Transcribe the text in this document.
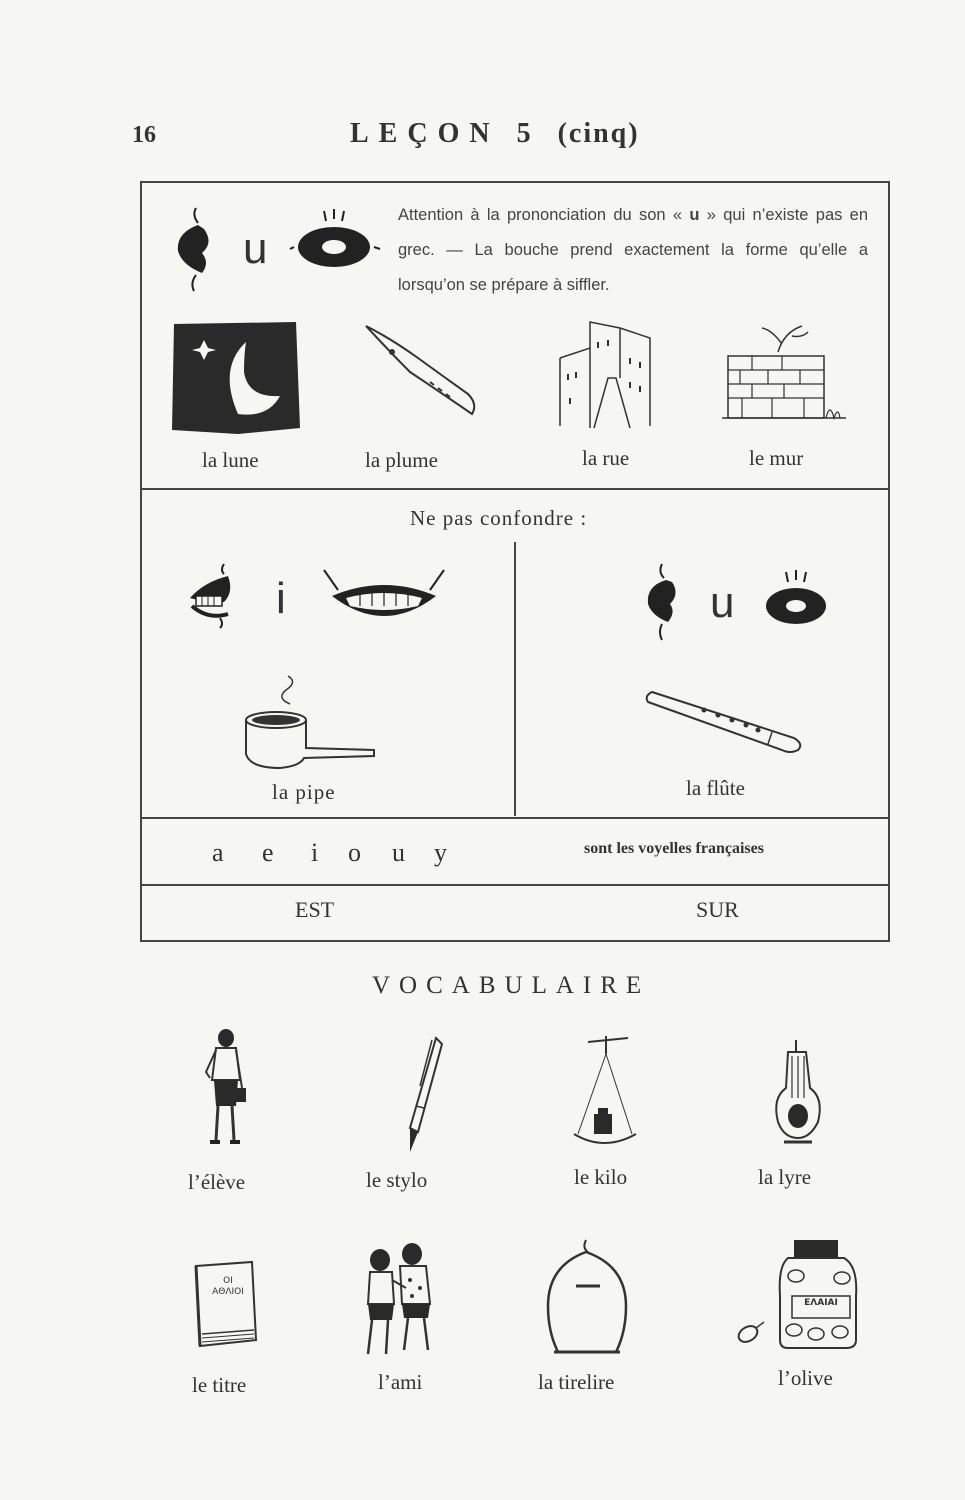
16	LEÇON 5 (cinq)
u
Attention à la prononciation du son « u » qui n’existe pas en grec. — La bouche prend exactement la forme qu’elle a lorsqu’on se prépare à siffler.
la lune	la plume	la rue	le mur
Ne pas confondre :
i	u
la pipe	la flûte
a e i o u y	sont les voyelles françaises
EST	SUR
VOCABULAIRE
l’élève	le stylo	le kilo	la lyre
ΟΙ
ΑΘΛΙΟΙ
ΕΛΑΙΑΙ
le titre	l’ami	la tirelire	l’olive
